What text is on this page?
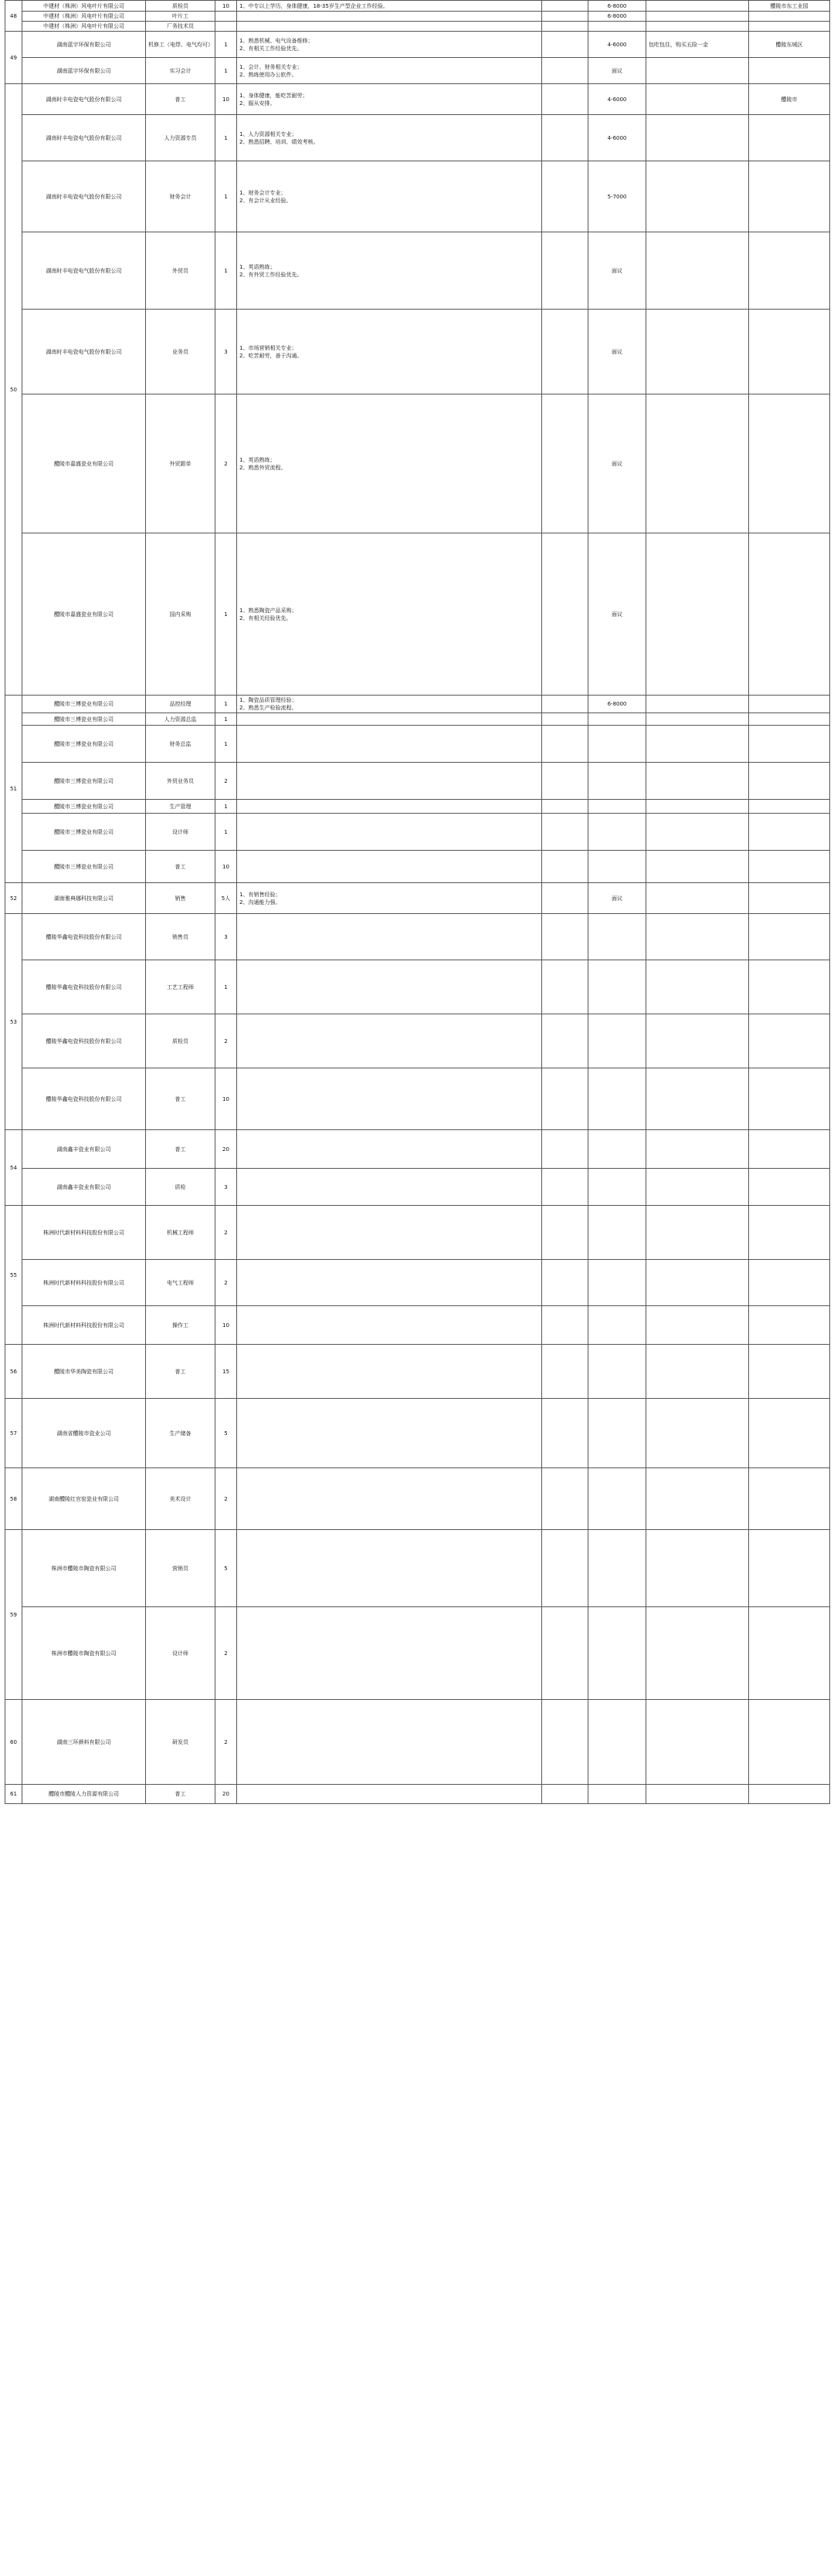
48	中建材（株洲）风电叶片有限公司	质检员	10	1、中专以上学历，身体健康，18-35岁生产型企业工作经验。		6-8000		醴陵市东工业园
	中建材（株洲）风电叶片有限公司	叶片工				6-8000		
	中建材（株洲）风电叶片有限公司	厂务技术员						
49	湖南蓝宇环保有限公司	机修工（电焊、电气均可）	1	1、熟悉机械、电气设备维修；
2、有相关工作经验优先。		4-6000	包吃包住，购买五险一金	醴陵东城区
	湖南蓝宇环保有限公司	实习会计	1	1、会计、财务相关专业；
2、熟练使用办公软件。		面议		
50	湖南时丰电瓷电气股份有限公司	普工	10	1、身体健康，能吃苦耐劳；
2、服从安排。		4-6000		醴陵市
	湖南时丰电瓷电气股份有限公司	人力资源专员	1	1、人力资源相关专业；
2、熟悉招聘、培训、绩效考核。		4-6000		
	湖南时丰电瓷电气股份有限公司	财务会计	1	1、财务会计专业；
2、有会计从业经验。		5-7000		
	湖南时丰电瓷电气股份有限公司	外贸员	1	1、英语熟练；
2、有外贸工作经验优先。		面议		
	湖南时丰电瓷电气股份有限公司	业务员	3	1、市场营销相关专业；
2、吃苦耐劳，善于沟通。		面议		
	醴陵市嘉盛瓷业有限公司	外贸跟单	2	1、英语熟练；
2、熟悉外贸流程。		面议		
	醴陵市嘉盛瓷业有限公司	国内采购	1	1、熟悉陶瓷产品采购；
2、有相关经验优先。		面议		
51	醴陵市三博瓷业有限公司	品控经理	1	1、陶瓷品质管理经验；
2、熟悉生产检验流程。		6-8000		
	醴陵市三博瓷业有限公司	人力资源总监	1					
	醴陵市三博瓷业有限公司	财务总监	1					
	醴陵市三博瓷业有限公司	外贸业务员	2					
	醴陵市三博瓷业有限公司	生产管理	1					
	醴陵市三博瓷业有限公司	设计师	1					
	醴陵市三博瓷业有限公司	普工	10					
52	湖南雅典娜科技有限公司	销售	5人	1、有销售经验；
2、沟通能力强。		面议		
53	醴陵华鑫电瓷科技股份有限公司	销售员	3					
	醴陵华鑫电瓷科技股份有限公司	工艺工程师	1					
	醴陵华鑫电瓷科技股份有限公司	质检员	2					
	醴陵华鑫电瓷科技股份有限公司	普工	10					
54	湖南鑫丰瓷业有限公司	普工	20					
	湖南鑫丰瓷业有限公司	质检	3					
55	株洲时代新材料科技股份有限公司	机械工程师	2					
	株洲时代新材料科技股份有限公司	电气工程师	2					
	株洲时代新材料科技股份有限公司	操作工	10					
56	醴陵市华美陶瓷有限公司	普工	15					
57	湖南省醴陵市瓷业公司	生产储备	5					
58	湖南醴陵红官窑瓷业有限公司	美术设计	2					
59	株洲市醴陵市陶瓷有限公司	营销员	5					
	株洲市醴陵市陶瓷有限公司	设计师	2					
60	湖南三环颜料有限公司	研发员	2					
61	醴陵市醴陵人力资源有限公司	普工	20					
